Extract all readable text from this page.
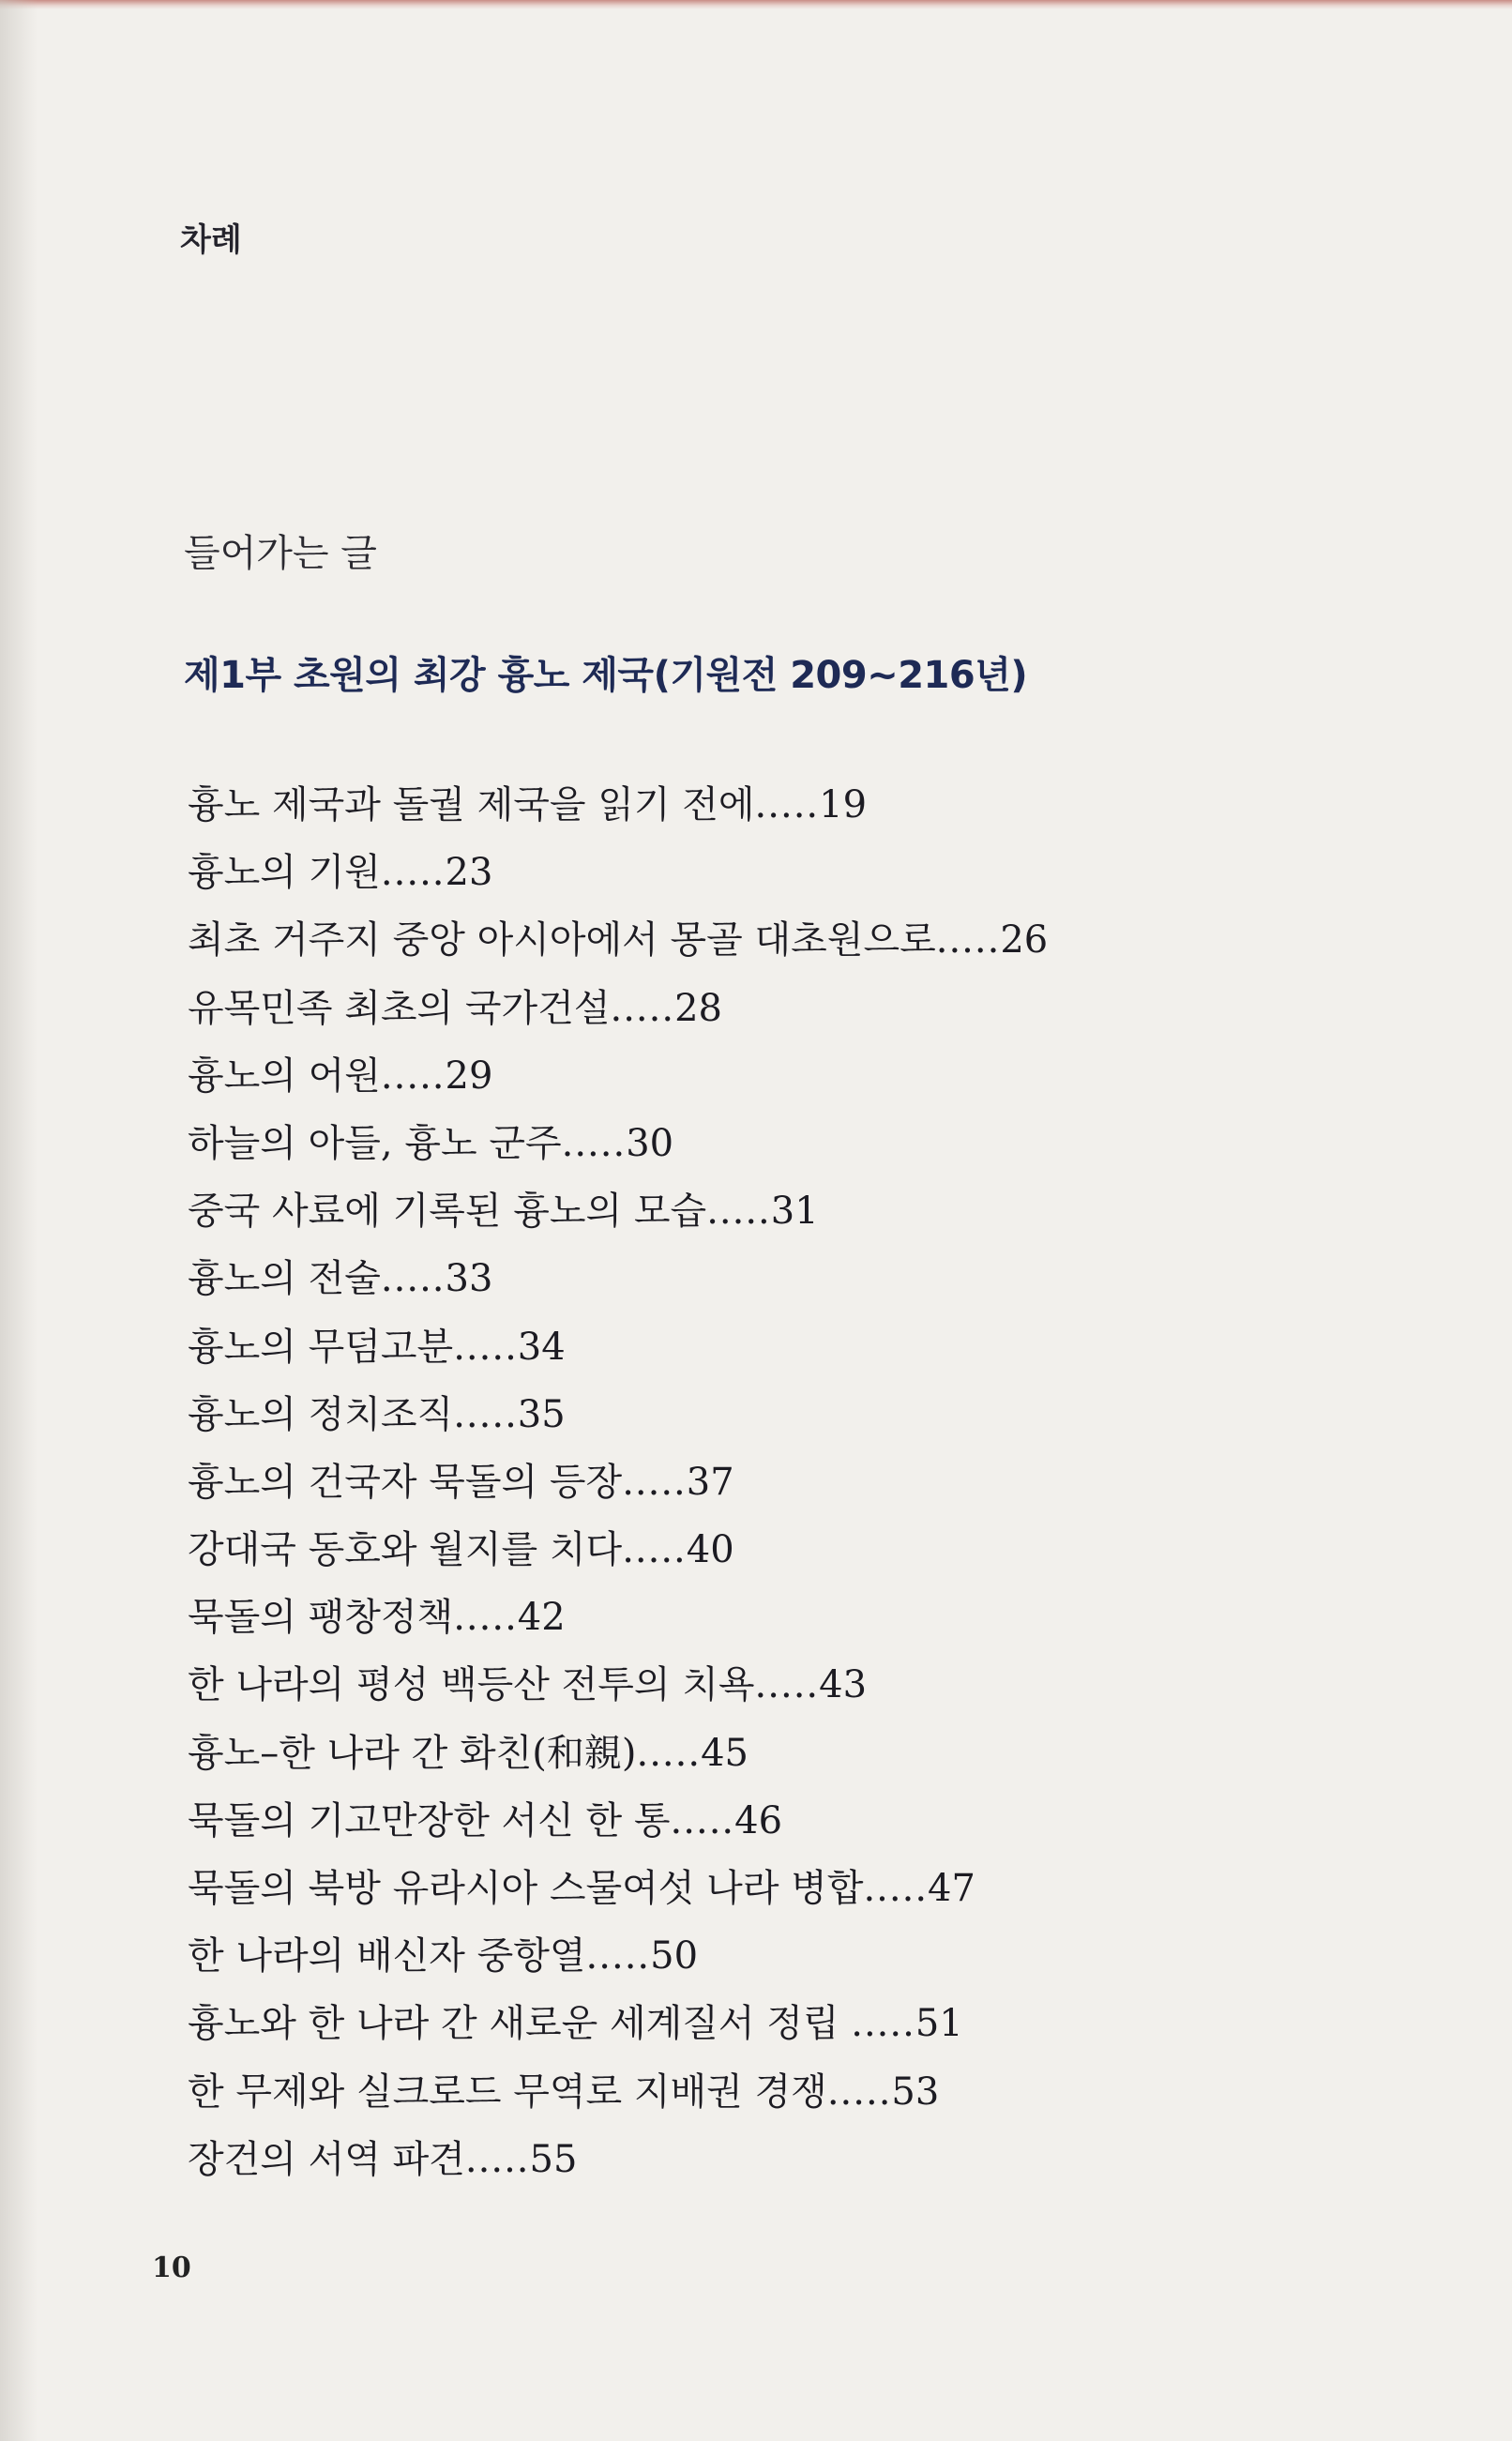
차례
들어가는 글
제1부 초원의 최강 흉노 제국(기원전 209~216년)
흉노 제국과 돌궐 제국을 읽기 전에.....19
흉노의 기원.....23
최초 거주지 중앙 아시아에서 몽골 대초원으로.....26
유목민족 최초의 국가건설.....28
흉노의 어원.....29
하늘의 아들, 흉노 군주.....30
중국 사료에 기록된 흉노의 모습.....31
흉노의 전술.....33
흉노의 무덤고분.....34
흉노의 정치조직.....35
흉노의 건국자 묵돌의 등장.....37
강대국 동호와 월지를 치다.....40
묵돌의 팽창정책.....42
한 나라의 평성 백등산 전투의 치욕.....43
흉노–한 나라 간 화친(和親).....45
묵돌의 기고만장한 서신 한 통.....46
묵돌의 북방 유라시아 스물여섯 나라 병합.....47
한 나라의 배신자 중항열.....50
흉노와 한 나라 간 새로운 세계질서 정립 .....51
한 무제와 실크로드 무역로 지배권 경쟁.....53
장건의 서역 파견.....55
10
